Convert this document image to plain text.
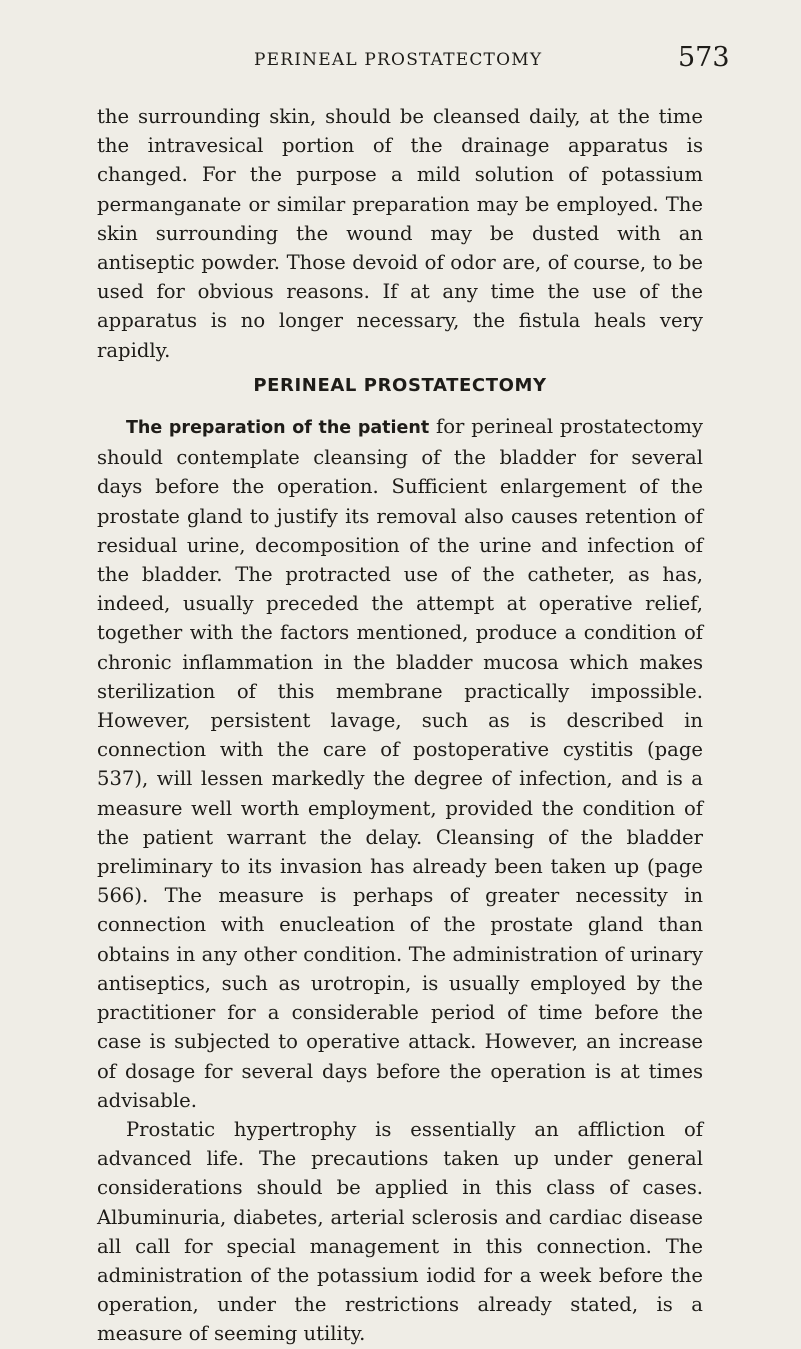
PERINEAL PROSTATECTOMY	573

the surrounding skin, should be cleansed daily, at the time the intravesical portion of the drainage apparatus is changed. For the purpose a mild solution of potassium permanganate or similar preparation may be employed. The skin surrounding the wound may be dusted with an antiseptic powder. Those devoid of odor are, of course, to be used for obvious reasons. If at any time the use of the apparatus is no longer necessary, the fistula heals very rapidly.

PERINEAL PROSTATECTOMY

The preparation of the patient for perineal prostatectomy should contemplate cleansing of the bladder for several days before the operation. Sufficient enlargement of the prostate gland to justify its removal also causes retention of residual urine, decomposition of the urine and infection of the bladder. The protracted use of the catheter, as has, indeed, usually preceded the attempt at operative relief, together with the factors mentioned, produce a condition of chronic inflammation in the bladder mucosa which makes sterilization of this membrane practically impossible. However, persistent lavage, such as is described in connection with the care of postoperative cystitis (page 537), will lessen markedly the degree of infection, and is a measure well worth employment, provided the condition of the patient warrant the delay. Cleansing of the bladder preliminary to its invasion has already been taken up (page 566). The measure is perhaps of greater necessity in connection with enucleation of the prostate gland than obtains in any other condition. The administration of urinary antiseptics, such as urotropin, is usually employed by the practitioner for a considerable period of time before the case is subjected to operative attack. However, an increase of dosage for several days before the operation is at times advisable.

Prostatic hypertrophy is essentially an affliction of advanced life. The precautions taken up under general considerations should be applied in this class of cases. Albuminuria, diabetes, arterial sclerosis and cardiac disease all call for special management in this connection. The administration of the potassium iodid for a week before the operation, under the restrictions already stated, is a measure of seeming utility.
